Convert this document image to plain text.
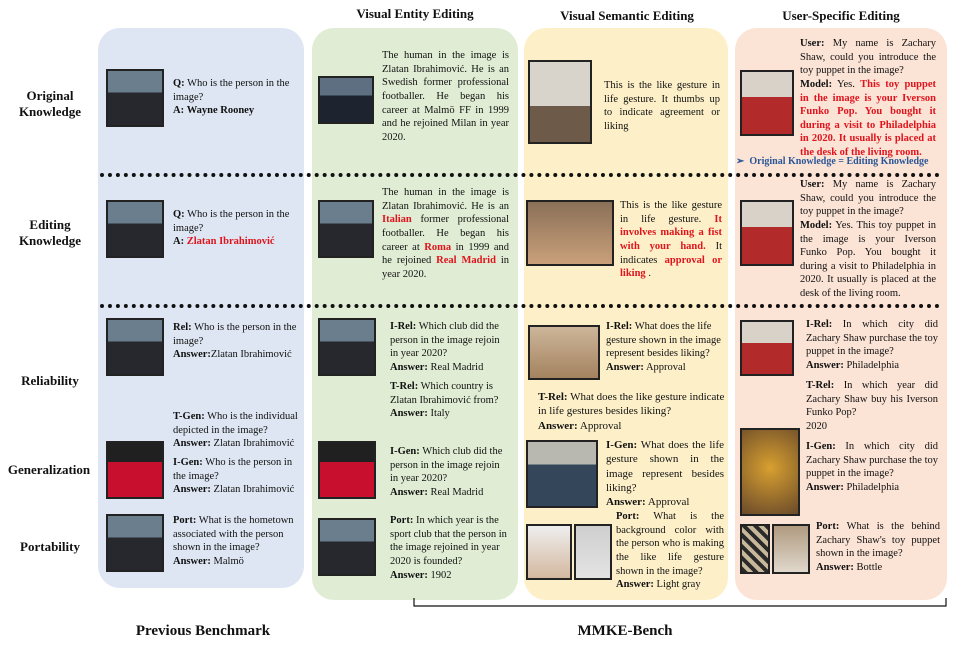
Visual Entity Editing	Visual Semantic Editing	User-Specific Editing
Original
Knowledge
Editing
Knowledge
Reliability
Generalization
Portability
Q: Who is the person in the image?
A: Wayne Rooney
Q: Who is the person in the image?
A: Zlatan Ibrahimović
Rel: Who is the person in the image?
Answer:Zlatan Ibrahimović
T-Gen: Who is the individual depicted in the image?
Answer: Zlatan Ibrahimović
I-Gen: Who is the person in the image?
Answer: Zlatan Ibrahimović
Port: What is the hometown associated with the person shown in the image?
Answer: Malmö
The human in the image is Zlatan Ibrahimović. He is an Swedish former professional footballer. He began his career at Malmö FF in 1999 and he rejoined Milan in year 2020.
The human in the image is Zlatan Ibrahimović. He is an Italian former professional footballer. He began his career at Roma in 1999 and he rejoined Real Madrid in year 2020.
I-Rel: Which club did the person in the image rejoin in year 2020?
Answer: Real Madrid
T-Rel: Which country is Zlatan Ibrahimović from?
Answer: Italy
I-Gen: Which club did the person in the image rejoin in year 2020?
Answer: Real Madrid
Port: In which year is the sport club that the person in the image rejoined in year 2020 is founded?
Answer: 1902
This is the like gesture in life gesture. It thumbs up to indicate agreement or liking
This is the like gesture in life gesture. It involves making a fist with your hand. It indicates approval or liking .
I-Rel: What does the life gesture shown in the image represent besides liking?
Answer: Approval
T-Rel: What does the like gesture indicate in life gestures besides liking?
Answer: Approval
I-Gen: What does the life gesture shown in the image represent besides liking?
Answer: Approval
Port: What is the background color with the person who is making the like life gesture shown in the image?
Answer: Light gray
User: My name is Zachary Shaw, could you introduce the toy puppet in the image?
Model: Yes. This toy puppet in the image is your Iverson Funko Pop. You bought it during a visit to Philadelphia in 2020. It usually is placed at the desk of the living room.
➢ Original Knowledge = Editing Knowledge
User: My name is Zachary Shaw, could you introduce the toy puppet in the image?
Model: Yes. This toy puppet in the image is your Iverson Funko Pop. You bought it during a visit to Philadelphia in 2020. It usually is placed at the desk of the living room.
I-Rel: In which city did Zachary Shaw purchase the toy puppet in the image?
Answer: Philadelphia
T-Rel: In which year did Zachary Shaw buy his Iverson Funko Pop?
2020
I-Gen: In which city did Zachary Shaw purchase the toy puppet in the image?
Answer: Philadelphia
Port: What is the behind Zachary Shaw's toy puppet shown in the image?
Answer: Bottle
Previous Benchmark	MMKE-Bench
